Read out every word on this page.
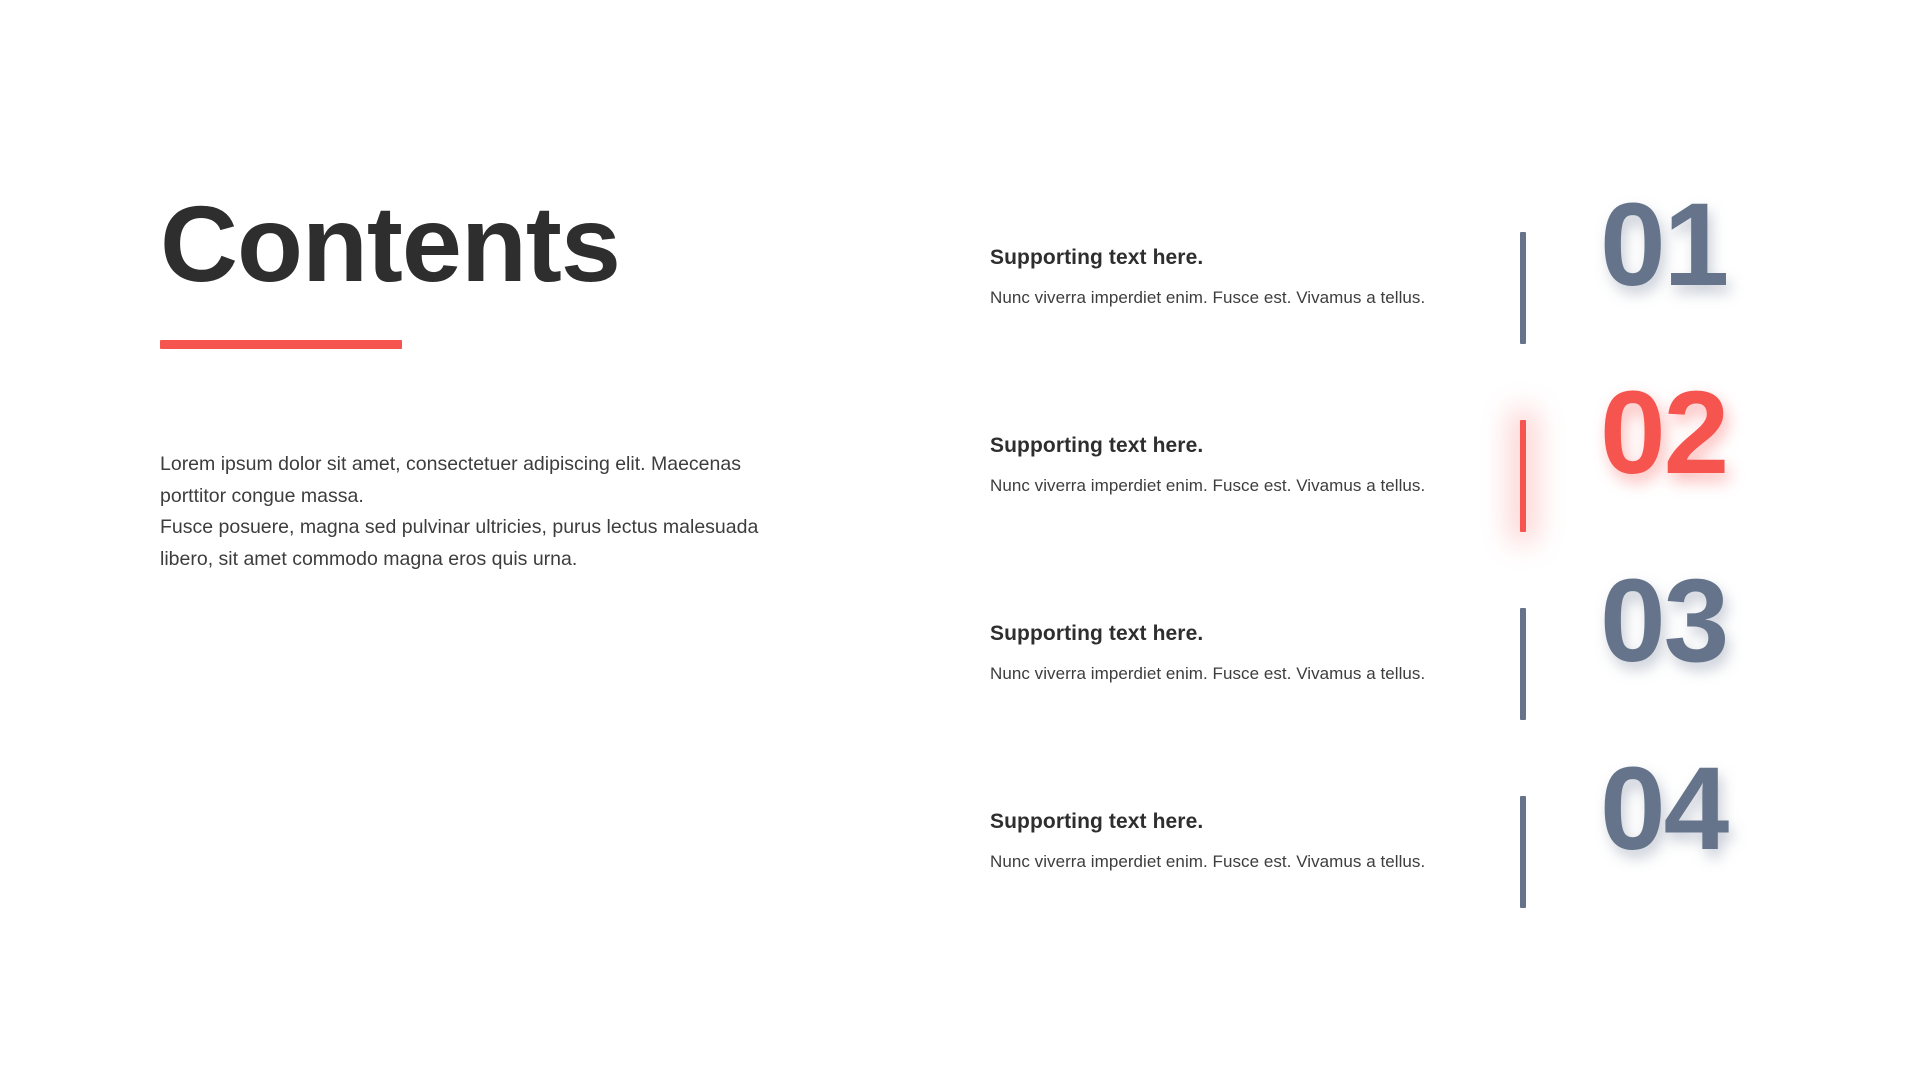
Contents

Lorem ipsum dolor sit amet, consectetuer adipiscing elit. Maecenas porttitor congue massa.

Fusce posuere, magna sed pulvinar ultricies, purus lectus malesuada libero, sit amet commodo magna eros quis urna.

Supporting text here.

Nunc viverra imperdiet enim. Fusce est. Vivamus a tellus. 01

Supporting text here.

Nunc viverra imperdiet enim. Fusce est. Vivamus a tellus. 02

Supporting text here.

Nunc viverra imperdiet enim. Fusce est. Vivamus a tellus. 03

Supporting text here.

Nunc viverra imperdiet enim. Fusce est. Vivamus a tellus. 04
